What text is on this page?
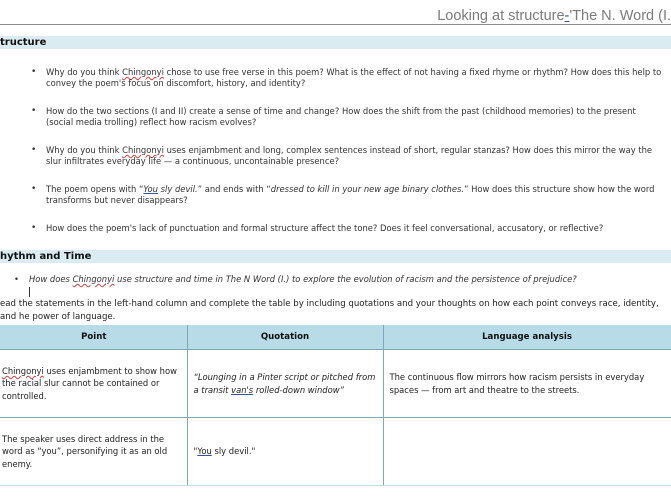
Looking at structure-'The N. Word (I.
tructure
• Why do you think Chingonyi chose to use free verse in this poem? What is the effect of not having a fixed rhyme or rhythm? How does this help to convey the poem's focus on discomfort, history, and identity?
• How do the two sections (I and II) create a sense of time and change? How does the shift from the past (childhood memories) to the present (social media trolling) reflect how racism evolves?
• Why do you think Chingonyi uses enjambment and long, complex sentences instead of short, regular stanzas? How does this mirror the way the slur infiltrates everyday life — a continuous, uncontainable presence?
• The poem opens with “You sly devil.” and ends with “dressed to kill in your new age binary clothes.” How does this structure show how the word transforms but never disappears?
• How does the poem's lack of punctuation and formal structure affect the tone? Does it feel conversational, accusatory, or reflective?
hythm and Time
• How does Chingonyi use structure and time in The N Word (I.) to explore the evolution of racism and the persistence of prejudice?
ead the statements in the left-hand column and complete the table by including quotations and your thoughts on how each point conveys race, identity, and he power of language.
Point	Quotation	Language analysis
Chingonyi uses enjambment to show how the racial slur cannot be contained or controlled.	“Lounging in a Pinter script or pitched from a transit van's rolled-down window”	The continuous flow mirrors how racism persists in everyday spaces — from art and theatre to the streets.
The speaker uses direct address in the word as “you”, personifying it as an old enemy.	"You sly devil."	
